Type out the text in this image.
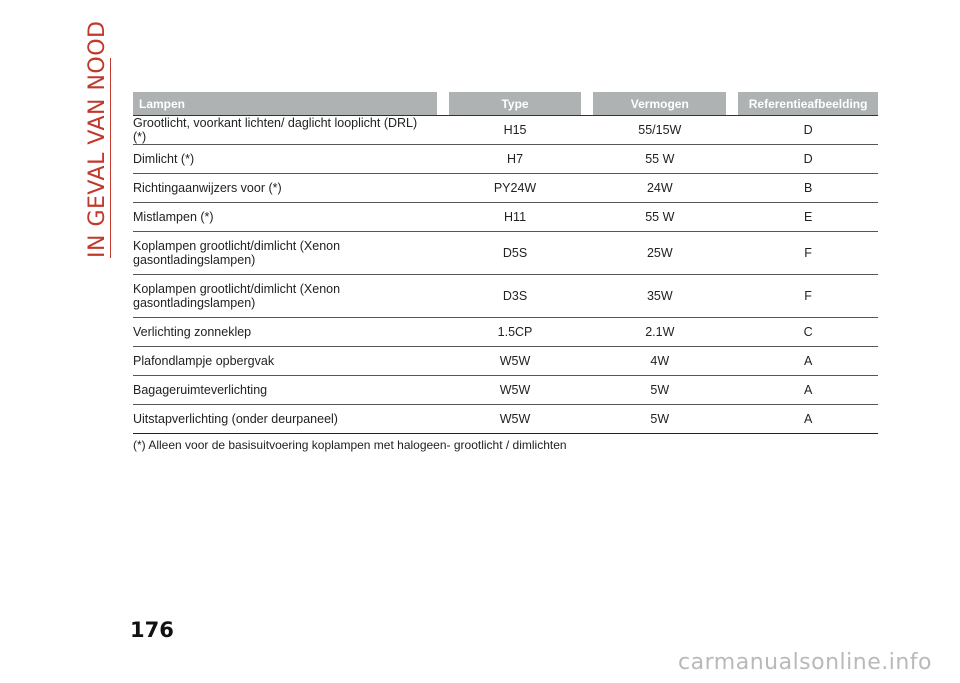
IN GEVAL VAN NOOD Lampen		Type		Vermogen		Referentieafbeelding
Grootlicht, voorkant lichten/ daglicht looplicht (DRL) (*)		H15		55/15W		D
Dimlicht (*)		H7		55 W		D
Richtingaanwijzers voor (*)		PY24W		24W		B
Mistlampen (*)		H11		55 W		E
Koplampen grootlicht/dimlicht (Xenon
gasontladingslampen)		D5S		25W		F
Koplampen grootlicht/dimlicht (Xenon
gasontladingslampen)		D3S		35W		F
Verlichting zonneklep		1.5CP		2.1W		C
Plafondlampje opbergvak		W5W		4W		A
Bagageruimteverlichting		W5W		5W		A
Uitstapverlichting (onder deurpaneel)		W5W		5W		A
(*) Alleen voor de basisuitvoering koplampen met halogeen- grootlicht / dimlichten
176
carmanualsonline.info
